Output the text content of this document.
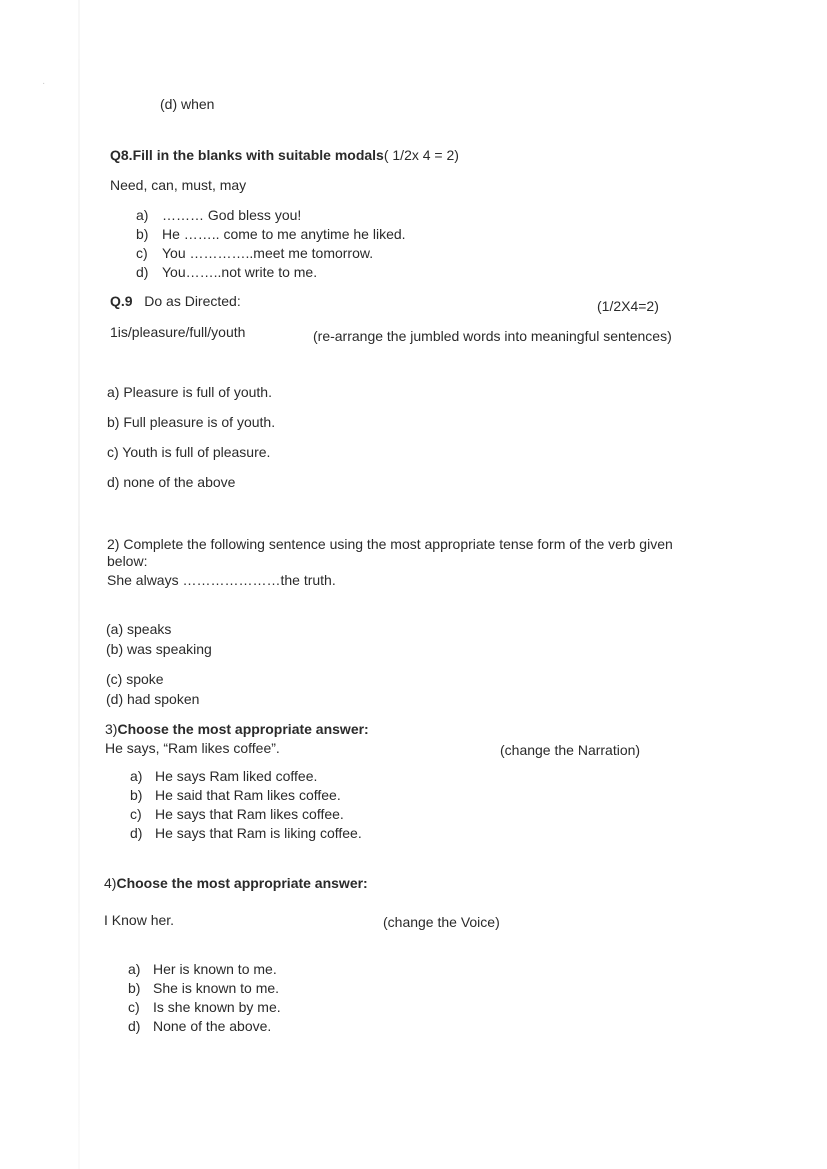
·
(d) when
Q8.Fill in the blanks with suitable modals( 1/2x 4 = 2)
Need, can, must, may
a) ……… God bless you!
b) He …….. come to me anytime he liked.
c) You …………..meet me tomorrow.
d) You……..not write to me.
Q.9 Do as Directed:	(1/2X4=2)
1is/pleasure/full/youth	(re-arrange the jumbled words into meaningful sentences)
a) Pleasure is full of youth.
b) Full pleasure is of youth.
c) Youth is full of pleasure.
d) none of the above
2) Complete the following sentence using the most appropriate tense form of the verb given
below:
She always …………………the truth.
(a) speaks
(b) was speaking
(c) spoke
(d) had spoken
3)Choose the most appropriate answer:
He says, “Ram likes coffee”.	(change the Narration)
a) He says Ram liked coffee.
b) He said that Ram likes coffee.
c) He says that Ram likes coffee.
d) He says that Ram is liking coffee.
4)Choose the most appropriate answer:
I Know her.	(change the Voice)
a) Her is known to me.
b) She is known to me.
c) Is she known by me.
d) None of the above.
